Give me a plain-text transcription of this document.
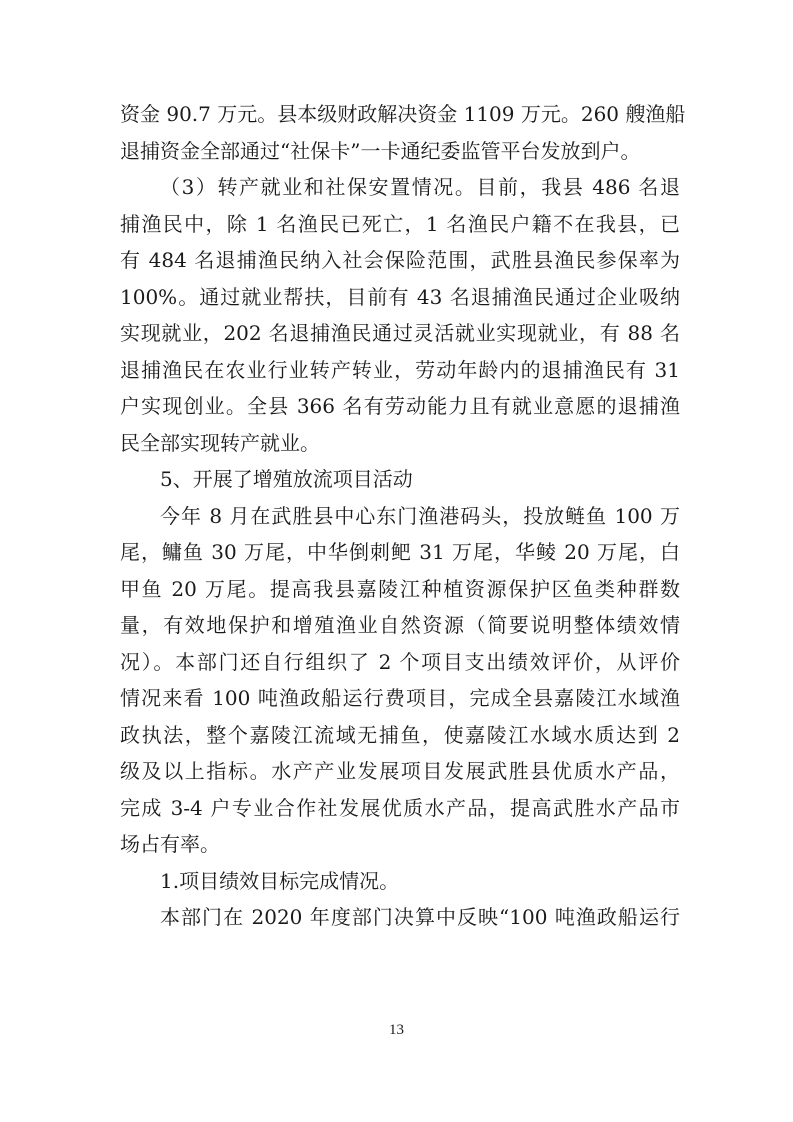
资金 90.7 万元。县本级财政解决资金 1109 万元。260 艘渔船
退捕资金全部通过“社保卡”一卡通纪委监管平台发放到户。
（3）转产就业和社保安置情况。目前，我县 486 名退
捕渔民中，除 1 名渔民已死亡，1 名渔民户籍不在我县，已
有 484 名退捕渔民纳入社会保险范围，武胜县渔民参保率为
100%。通过就业帮扶，目前有 43 名退捕渔民通过企业吸纳
实现就业，202 名退捕渔民通过灵活就业实现就业，有 88 名
退捕渔民在农业行业转产转业，劳动年龄内的退捕渔民有 31
户实现创业。全县 366 名有劳动能力且有就业意愿的退捕渔
民全部实现转产就业。
5、开展了增殖放流项目活动
今年 8 月在武胜县中心东门渔港码头，投放鲢鱼 100 万
尾，鳙鱼 30 万尾，中华倒刺鲃 31 万尾，华鲮 20 万尾，白
甲鱼 20 万尾。提高我县嘉陵江种植资源保护区鱼类种群数
量，有效地保护和增殖渔业自然资源（简要说明整体绩效情
况）。本部门还自行组织了 2 个项目支出绩效评价，从评价
情况来看 100 吨渔政船运行费项目，完成全县嘉陵江水域渔
政执法，整个嘉陵江流域无捕鱼，使嘉陵江水域水质达到 2
级及以上指标。水产产业发展项目发展武胜县优质水产品，
完成 3-4 户专业合作社发展优质水产品，提高武胜水产品市
场占有率。
1.项目绩效目标完成情况。
本部门在 2020 年度部门决算中反映“100 吨渔政船运行
13
